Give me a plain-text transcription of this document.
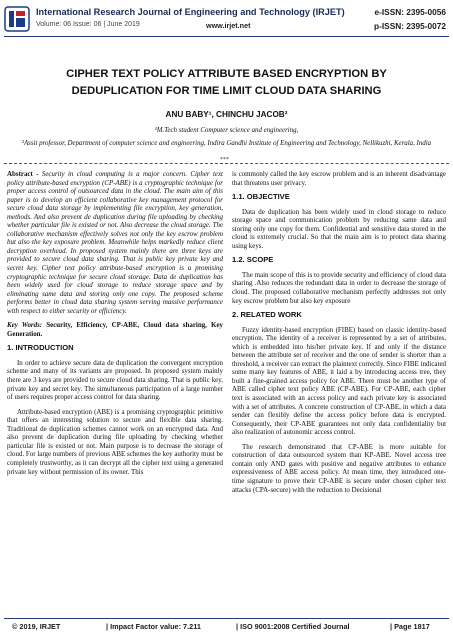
International Research Journal of Engineering and Technology (IRJET)
Volume: 06 Issue: 06 | June 2019	www.irjet.net
e-ISSN: 2395-0056
p-ISSN: 2395-0072
CIPHER TEXT POLICY ATTRIBUTE BASED ENCRYPTION BY
DEDUPLICATION FOR TIME LIMIT CLOUD DATA SHARING
ANU BABY¹, CHINCHU JACOB²
¹M.Tech student Computer science and engineering,
²Assit professor, Department of computer science and engineering, Indira Gandhi Institute of Engineering and Technology, Nellikuzhi, Kerala, India
***

Abstract - Security in cloud computing is a major concern. Cipher text policy attribute-based encryption (CP-ABE) is a cryptographic technique for proper access control of outsourced data in the cloud. The main aim of this paper is to develop an efficient collaborative key management protocol for secure cloud data storage by implementing file encryption, key generation, methods. And also prevent de duplication during file uploading by checking whether particular file is existed or not. Also decrease the cloud storage. The collaborative mechanism effectively solves not only the key escrow problem but also the key exposure problem. Meanwhile helps markedly reduce client decryption overhead. In proposed system mainly there are three keys are provided to secure cloud data sharing. That is public key private key and secret key. Cipher text policy attribute-based encryption is a promising cryptographic technique for secure cloud storage. Data de duplication has been widely used for cloud storage to reduce storage space and by eliminating same data and storing only one copy. The proposed scheme performs better in cloud data sharing system serving massive performance with respect to either security or efficiency.

Key Words: Security, Efficiency, CP-ABE, Cloud data sharing, Key Generation.

1. INTRODUCTION

In order to achieve secure data de duplication the convergent encryption scheme and many of its variants are proposed. In proposed system mainly there are 3 keys are provided to secure cloud data sharing. That is public key, private key and secret key. The simultaneous participation of a large number of users requires proper access control for data sharing.

Attribute-based encryption (ABE) is a promising cryptographic primitive that offers an interesting solution to secure and flexible data sharing. Traditional de duplication schemes cannot work on an encrypted data. And also prevent de duplication during file uploading by checking whether particular file is existed or not. Main purpose is to decrease the storage of cloud. For large numbers of previous ABE schemes the key authority must be completely trustworthy, as it can decrypt all the cipher text using a generated private key without permission of its owner. This

is commonly called the key escrow problem and is an inherent disadvantage that threatens user privacy.

1.1. OBJECTIVE

Data de duplication has been widely used in cloud storage to reduce storage space and communication problem by reducing same data and storing only one copy for them. Confidential and sensitive data stored in the cloud is extremely crucial. So that the main aim is to protect data sharing using keys.

1.2. SCOPE

The main scope of this is to provide security and efficiency of cloud data sharing .Also reduces the redundant data in order to decrease the storage of cloud. The proposed collaborative mechanism perfectly addresses not only key escrow problem but also key exposure

2. RELATED WORK

Fuzzy identity-based encryption (FIBE) based on classic identity-based encryption. The identity of a receiver is represented by a set of attributes, which is embedded into his/her private key. If and only if the distance between the attribute set of receiver and the one of sender is shorter than a threshold, a receiver can extract the plaintext correctly. Since FIBE indicated some many key features of ABE, it laid a by introducing access tree, they built a fine-grained access policy for ABE. There must be another type of ABE called cipher text policy ABE (CP-ABE). For CP-ABE, each cipher text is associated with an access policy and each private key is associated with a set of attributes. A concrete construction of CP-ABE, in which a data sender can flexibly define the access policy before data is encrypted. Consequently, their CP-ABE guarantees not only data confidentiality but also realization of autonomic access control.

The research demonstrated that CP-ABE is more suitable for construction of data outsourced system than KP-ABE. Novel access tree contain only AND gates with positive and negative attributes to enhance expressiveness of ABE access policy. At mean time, they introduced one-time signature to prove their CP-ABE is secure under chosen cipher text attacks (CPA-secure) with the reduction to Decisional

© 2019, IRJET	| Impact Factor value: 7.211	| ISO 9001:2008 Certified Journal	| Page 1817
